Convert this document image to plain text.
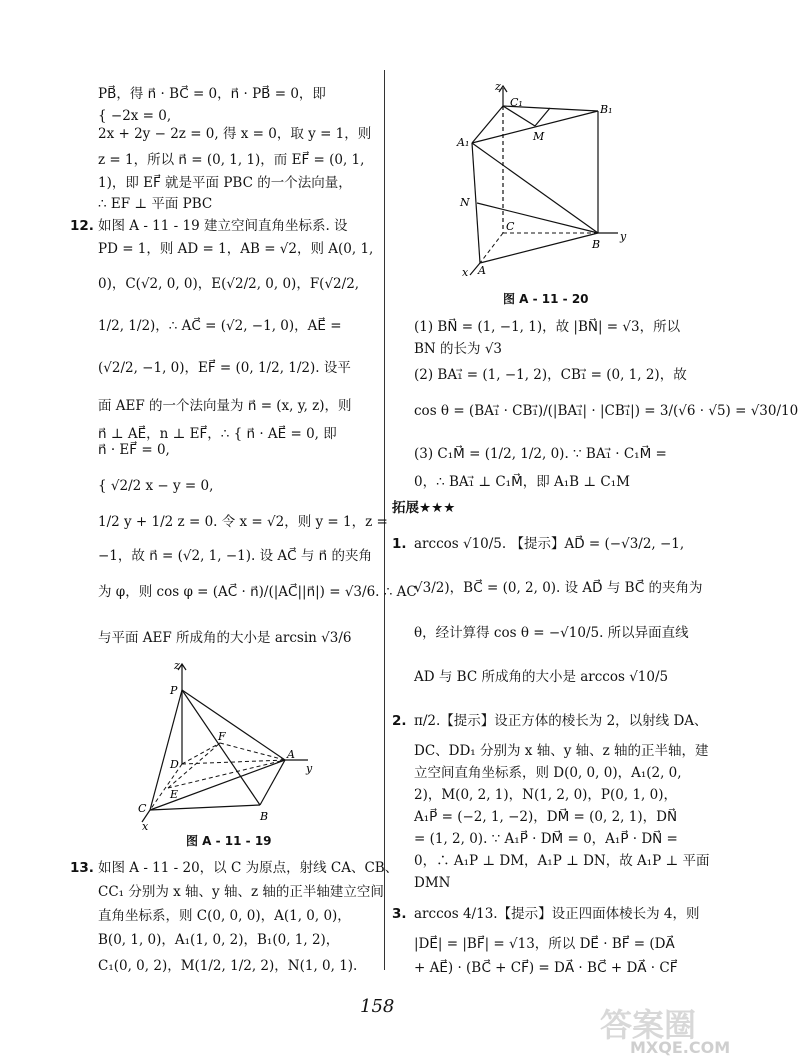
PB⃗，得 n⃗ · BC⃗ = 0，n⃗ · PB⃗ = 0，即
{ −2x = 0,
2x + 2y − 2z = 0, 得 x = 0，取 y = 1，则
z = 1，所以 n⃗ = (0, 1, 1)，而 EF⃗ = (0, 1,
1)，即 EF⃗ 就是平面 PBC 的一个法向量，
∴ EF ⊥ 平面 PBC
12. 如图 A - 11 - 19 建立空间直角坐标系. 设
PD = 1，则 AD = 1，AB = √2，则 A(0, 1,
0)，C(√2, 0, 0)，E(√2/2, 0, 0)，F(√2/2,
1/2, 1/2)，∴ AC⃗ = (√2, −1, 0)，AE⃗ =
(√2/2, −1, 0)，EF⃗ = (0, 1/2, 1/2). 设平
面 AEF 的一个法向量为 n⃗ = (x, y, z)，则
n⃗ ⊥ AE⃗，n ⊥ EF⃗，∴ { n⃗ · AE⃗ = 0, 即
n⃗ · EF⃗ = 0,
{ √2/2 x − y = 0,
1/2 y + 1/2 z = 0. 令 x = √2，则 y = 1，z =
−1，故 n⃗ = (√2, 1, −1). 设 AC⃗ 与 n⃗ 的夹角
为 φ，则 cos φ = (AC⃗ · n⃗)/(|AC⃗||n⃗|) = √3/6. ∴ AC
与平面 AEF 所成角的大小是 arcsin √3/6
z
P
F
D
A
y
E
C
B
x
图 A - 11 - 19
13. 如图 A - 11 - 20，以 C 为原点，射线 CA、CB、
CC₁ 分别为 x 轴、y 轴、z 轴的正半轴建立空间
直角坐标系，则 C(0, 0, 0)，A(1, 0, 0)，
B(0, 1, 0)，A₁(1, 0, 2)，B₁(0, 1, 2)，
C₁(0, 0, 2)，M(1/2, 1/2, 2)，N(1, 0, 1).
z
C₁
B₁
M
A₁
N
C
B
y
x A
图 A - 11 - 20
(1) BN⃗ = (1, −1, 1)，故 |BN⃗| = √3，所以
BN 的长为 √3
(2) BA₁⃗ = (1, −1, 2)，CB₁⃗ = (0, 1, 2)，故
cos θ = (BA₁⃗ · CB₁⃗)/(|BA₁⃗| · |CB₁⃗|) = 3/(√6 · √5) = √30/10
(3) C₁M⃗ = (1/2, 1/2, 0). ∵ BA₁⃗ · C₁M⃗ =
0，∴ BA₁⃗ ⊥ C₁M⃗，即 A₁B ⊥ C₁M
拓展★★★
1. arccos √10/5. 【提示】AD⃗ = (−√3/2, −1,
√3/2)，BC⃗ = (0, 2, 0). 设 AD⃗ 与 BC⃗ 的夹角为
θ，经计算得 cos θ = −√10/5. 所以异面直线
AD 与 BC 所成角的大小是 arccos √10/5
2. π/2.【提示】设正方体的棱长为 2，以射线 DA、
DC、DD₁ 分别为 x 轴、y 轴、z 轴的正半轴，建
立空间直角坐标系，则 D(0, 0, 0)，A₁(2, 0,
2)，M(0, 2, 1)，N(1, 2, 0)，P(0, 1, 0)，
A₁P⃗ = (−2, 1, −2)，DM⃗ = (0, 2, 1)，DN⃗
= (1, 2, 0). ∵ A₁P⃗ · DM⃗ = 0，A₁P⃗ · DN⃗ =
0，∴ A₁P ⊥ DM，A₁P ⊥ DN，故 A₁P ⊥ 平面
DMN
3. arccos 4/13.【提示】设正四面体棱长为 4，则
|DE⃗| = |BF⃗| = √13，所以 DE⃗ · BF⃗ = (DA⃗
+ AE⃗) · (BC⃗ + CF⃗) = DA⃗ · BC⃗ + DA⃗ · CF⃗
158	答案圈
MXQE.COM
